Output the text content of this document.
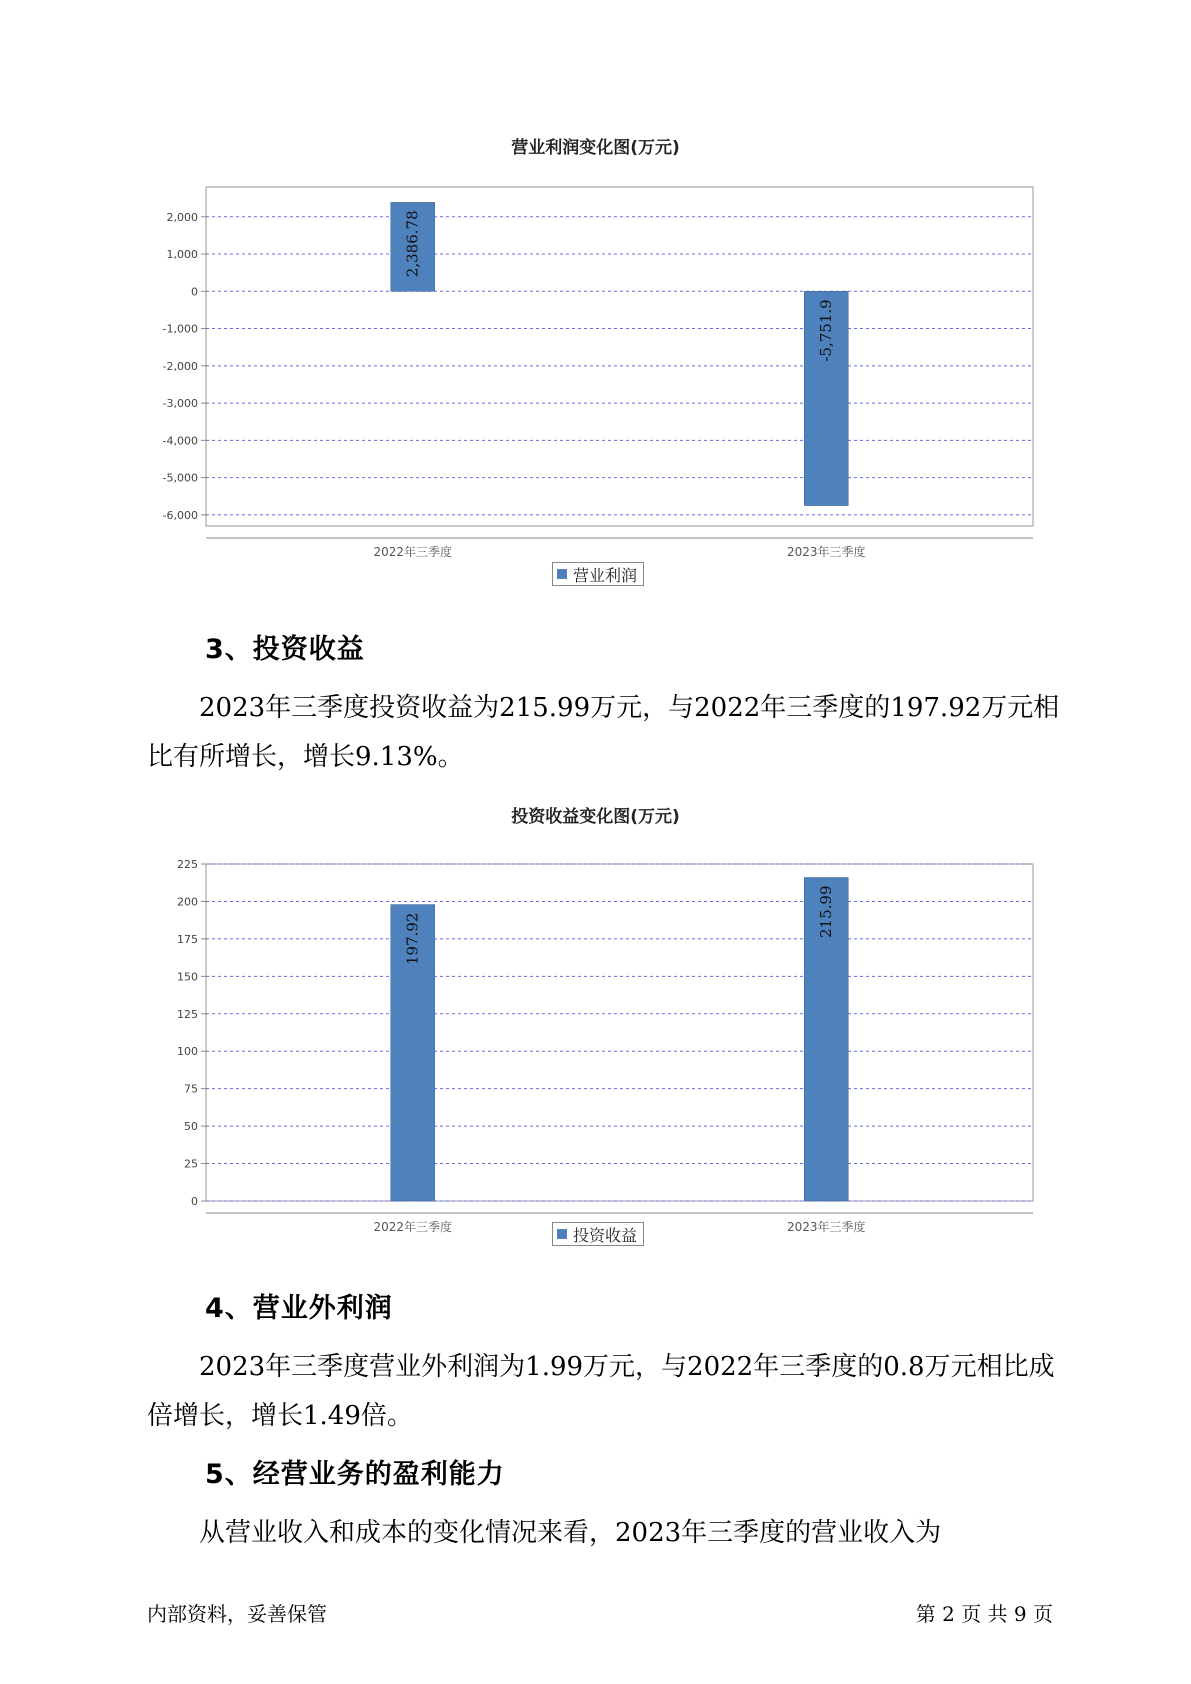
营业利润变化图(万元)
2,000
1,000
0
-1,000
-2,000
-3,000
-4,000
-5,000
-6,000
2,386.78
2022年三季度
-5,751.9
2023年三季度
营业利润
3、投资收益
2023年三季度投资收益为215.99万元，与2022年三季度的197.92万元相比有所增长，增长9.13%。
投资收益变化图(万元)
225
200
175
150
125
100
75
50
25
0
197.92
2022年三季度
215.99
2023年三季度
投资收益
4、营业外利润
2023年三季度营业外利润为1.99万元，与2022年三季度的0.8万元相比成倍增长，增长1.49倍。
5、经营业务的盈利能力
从营业收入和成本的变化情况来看，2023年三季度的营业收入为
内部资料，妥善保管	第 2 页 共 9 页
